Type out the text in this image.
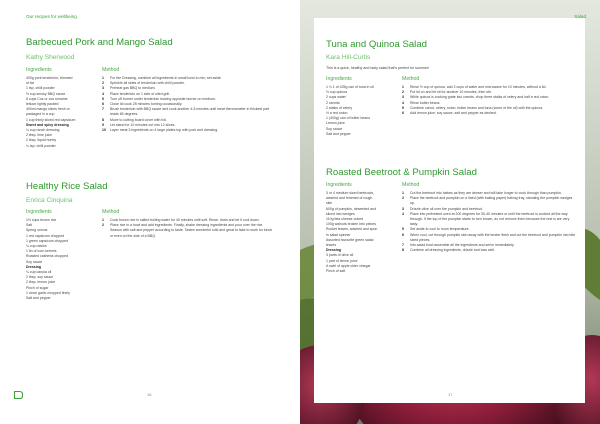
Our recipes for wellbeing
Barbecued Pork and Mango Salad
Kathy Sherwood
Ingredients	Method
400g pork tenderloin, trimmed
of fat
1 tsp. chilli powder
½ cup smoky BBQ sauce
8 cups Cos or cos romaine
lettuce lightly packed
400ml mango slices fresh or
packaged in a cup
1 cup thinly sliced red capsicum
Sweet and spicy dressing
¼ cup ranch dressing
2 tbsp. lime juice
2 tbsp. liquid honey
¼ tsp. chilli powder
1	For the Dressing, combine all ingredients in small bowl to mix; set aside.
2	Sprinkle all sides of tenderloin with chilli powder.
3	Preheat gas BBQ to medium.
4	Place tenderloin on 1 side of oiled grill.
5	Turn off burner under tenderloin leaving opposite burner on medium.
6	Close lid cook 25 minutes turning occasionally.
7	Brush tenderloin with BBQ sauce and cook another 4-5 minutes until meat thermometer in thickest part reads 65 degrees.
8	Move to cutting board cover with foil.
9	Let stand for 10 minutes cut into 12 slices.
10	Layer meat 3 ingredients on 4 large plates top with pork and dressing.
Healthy Rice Salad
Enrica Cinquina
Ingredients	Method
1½ cups brown rice
Salt
Spring onions
1 red capsicum chopped
1 green capsicum chopped
¼ cup raisins
1 tin of corn kernels
Roasted cashews chopped
Soy sauce
Dressing
¼ cup canola oil
2 tbsp. soy sauce
2 tbsp. lemon juice
Pinch of sugar
1 clove garlic chopped finely
Salt and pepper
1	Cook brown rice in salted boiling water for 40 minutes until soft. Rinse, drain and let it cool down.
2	Place rice in a bowl and add ingredients. Finally, shake dressing ingredients and pour over the rice. Season with salt and pepper according to taste. Tastes wonderful cold and great to take to work for lunch or even on the side of a BBQ.
16
Salad
Tuna and Quinoa Salad
Kara Hill-Curtis
This is a quick, healthy and tasty salad that's perfect for summer!
Ingredients	Method
1 ¼ 1 of 425g can of tuna in oil
½ cup quinoa
2 cups water
2 carrots
2 stalks of celery
½ a red onion
1 (400g) can of butter beans
Lemon juice
Soy sauce
Salt and pepper
1	Rinse ½ cup of quinoa, add 2 cups of water and microwave for 10 minutes, without a lid.
2	Put lid on and let sit for another 10 minutes, then stir.
3	While quinoa is cooking grate two carrots, chop three stalks of celery and half a red onion.
4	Rinse butter beans.
5	Combine carrot, celery, onion, butter beans and tuna (some of the oil) with the quinoa.
6	Add lemon juice, soy sauce, salt and pepper as desired.
Roasted Beetroot & Pumpkin Salad
Ingredients	Method
3 or 4 medium sized beetroots,
washed and trimmed of rough
skin
600g of pumpkin, deseeded and
sliced into wedges
110g feta cheese cubed
100g walnuts broken into pieces
Rocket leaves, washed and spun
in salad spinner
Assorted favourite green salad
leaves
Dressing
3 parts of olive oil
1 part of lemon juice
A swirl of apple cider vinegar
Pinch of salt
1	Cut the beetroot into halves as they are denser and will take longer to cook through than pumpkin.
2	Place the beetroot and pumpkin on a lined (with baking paper) baking tray, standing the pumpkin wedges up.
3	Drizzle olive oil over the pumpkin and beetroot.
4	Place into preheated oven at 200 degrees for 30-40 minutes or until the beetroot is cooked all the way through. If the top of the pumpkin starts to turn brown, do not remove them because the rest is are very tasty.
5	Set aside to cool to room temperature.
6	When cool, cut through pumpkin skin away with the tender flesh and cut the beetroot and pumpkin into bite sized pieces.
7	Into salad bowl assemble all the ingredients and serve immediately.
8	Combine all dressing ingredients, drizzle and toss well.
17
